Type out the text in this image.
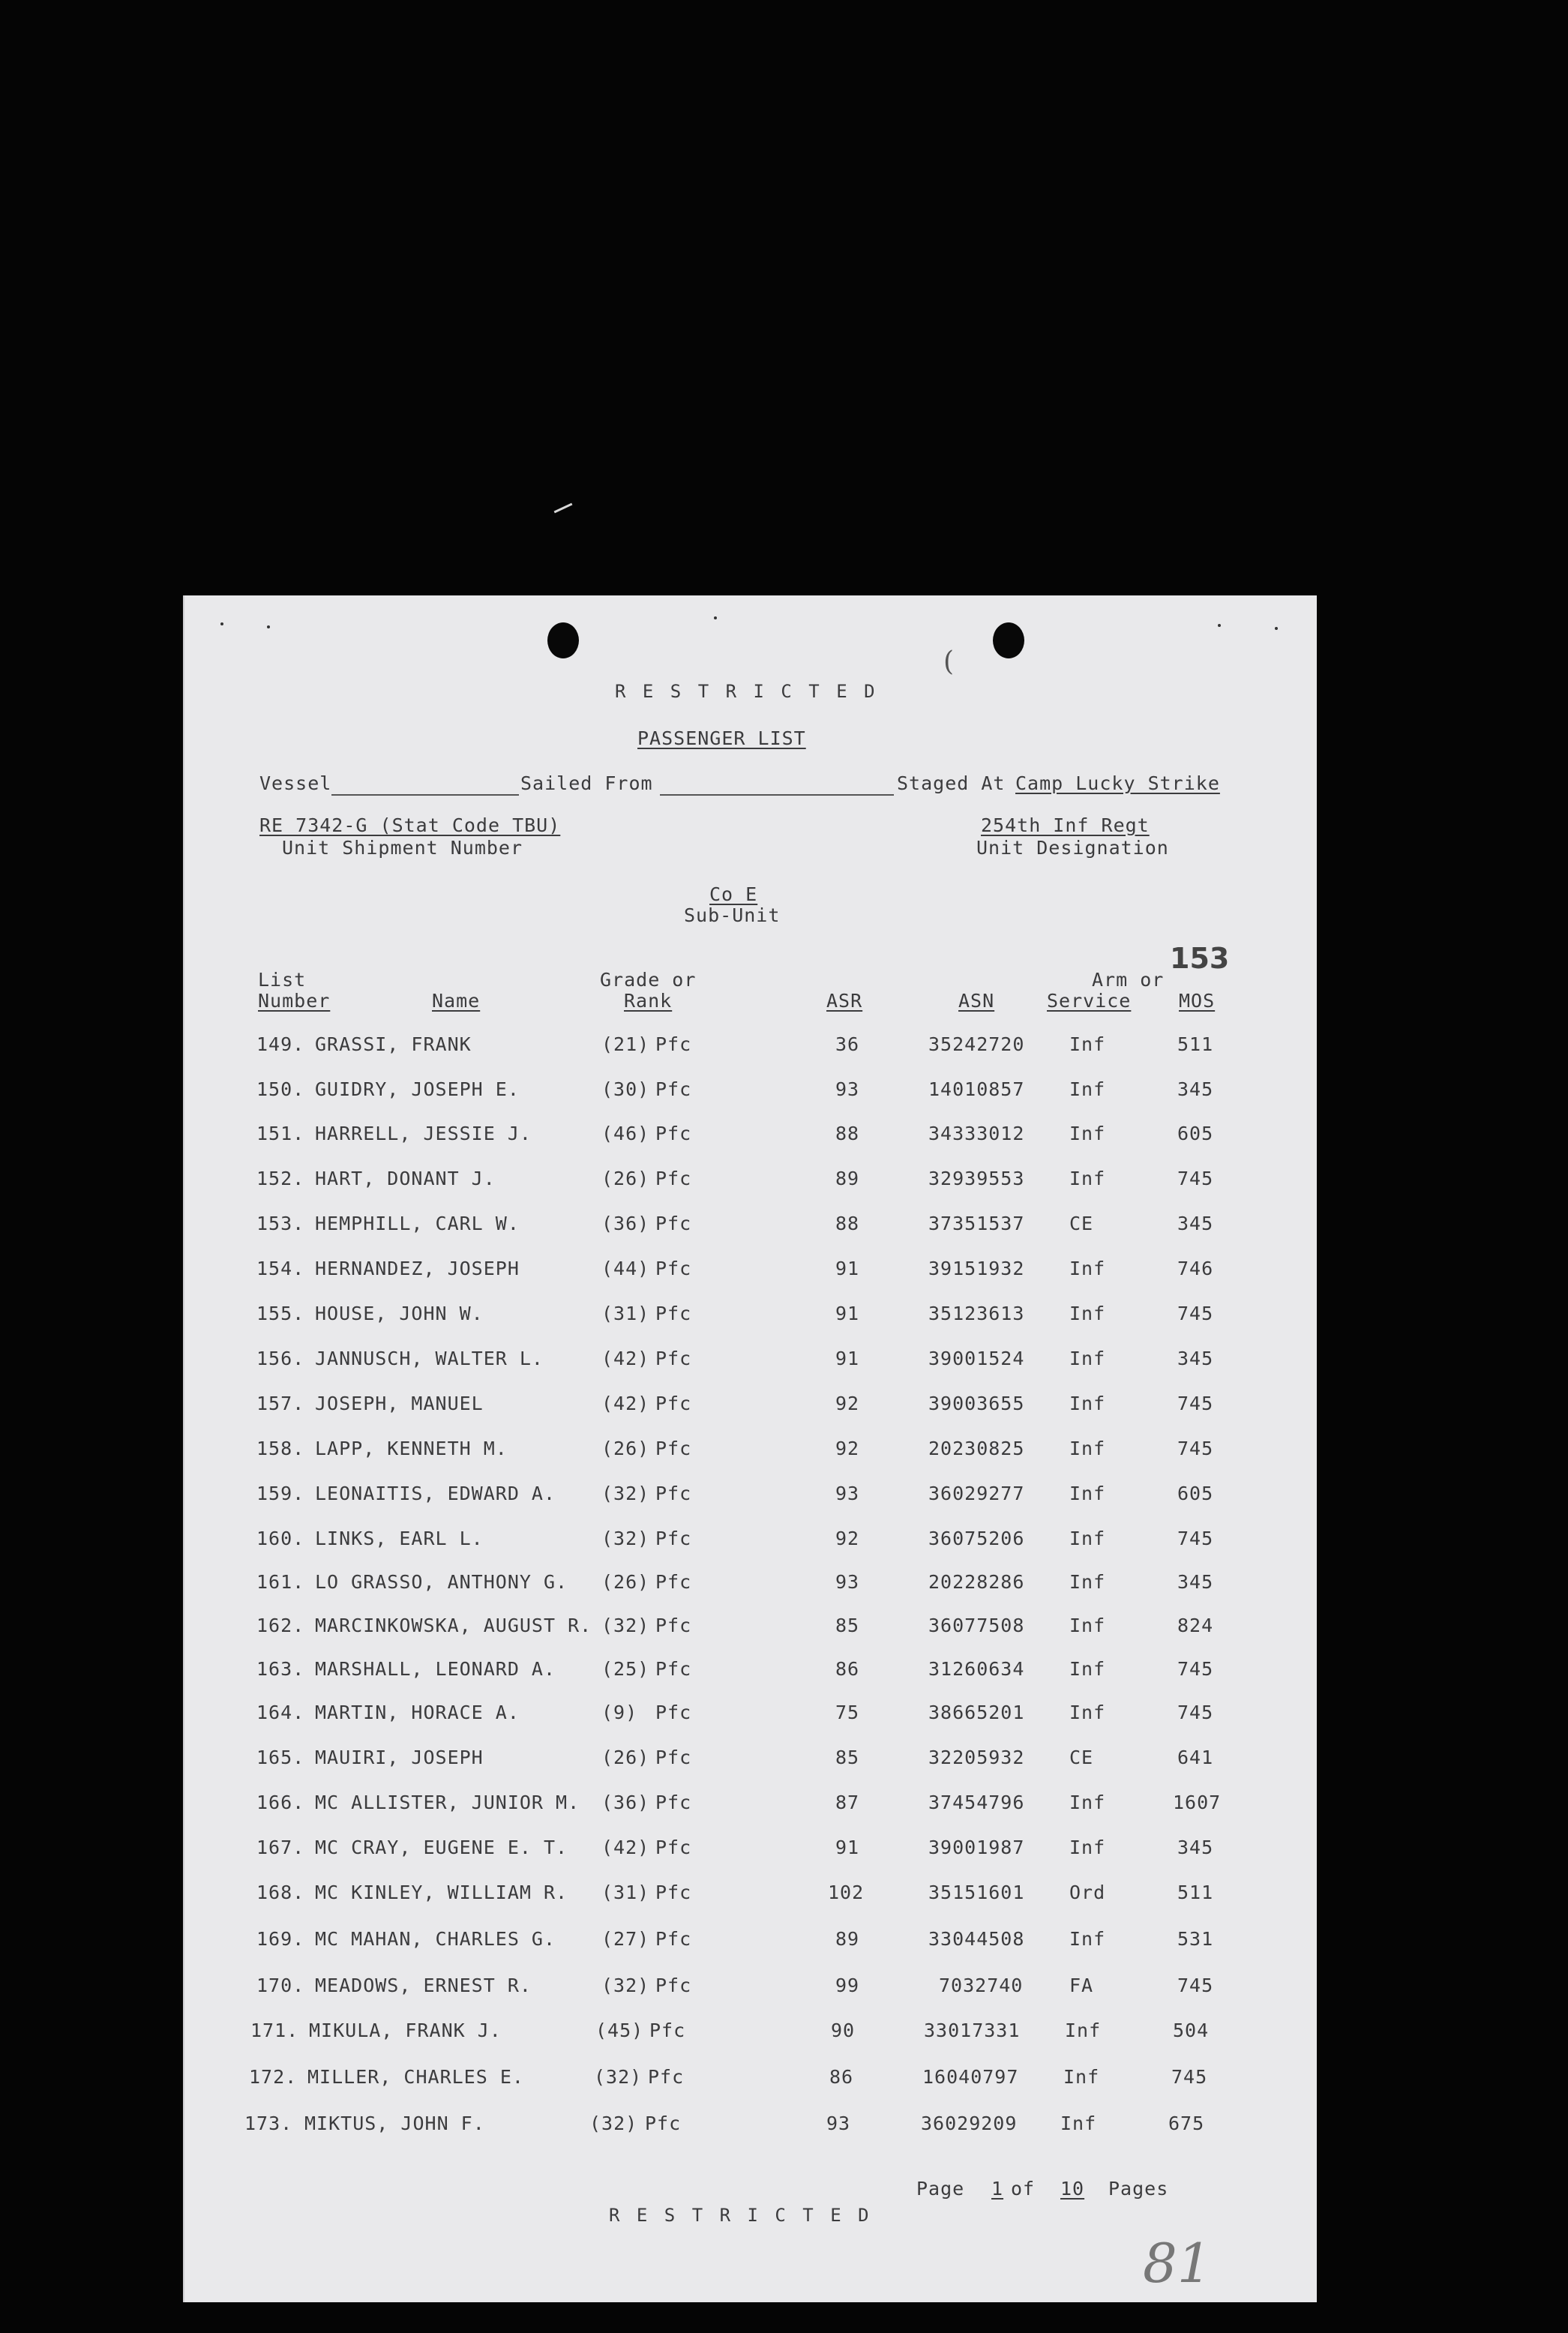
(
R E S T R I C T E D
PASSENGER LIST
Vessel	Sailed From	Staged At Camp Lucky Strike
RE 7342-G (Stat Code TBU)
Unit Shipment Number
254th Inf Regt
Unit Designation
Co E
Sub-Unit
153
List
Number	Name
Grade or
Rank	ASR	ASN
Arm or
Service	MOS
149. GRASSI, FRANK	(21) Pfc	36	35242720 Inf	511
150. GUIDRY, JOSEPH E.	(30) Pfc	93	14010857 Inf	345
151. HARRELL, JESSIE J.	(46) Pfc	88	34333012 Inf	605
152. HART, DONANT J.	(26) Pfc	89	32939553 Inf	745
153. HEMPHILL, CARL W.	(36) Pfc	88	37351537 CE	345
154. HERNANDEZ, JOSEPH	(44) Pfc	91	39151932 Inf	746
155. HOUSE, JOHN W.	(31) Pfc	91	35123613 Inf	745
156. JANNUSCH, WALTER L.	(42) Pfc	91	39001524 Inf	345
157. JOSEPH, MANUEL	(42) Pfc	92	39003655 Inf	745
158. LAPP, KENNETH M.	(26) Pfc	92	20230825 Inf	745
159. LEONAITIS, EDWARD A. (32) Pfc	93	36029277 Inf	605
160. LINKS, EARL L.	(32) Pfc	92	36075206 Inf	745
161. LO GRASSO, ANTHONY G. (26) Pfc	93	20228286 Inf	345
162. MARCINKOWSKA, AUGUST R. (32) Pfc	85	36077508 Inf	824
163. MARSHALL, LEONARD A. (25) Pfc	86	31260634 Inf	745
164. MARTIN, HORACE A.	(9) Pfc	75	38665201 Inf	745
165. MAUIRI, JOSEPH	(26) Pfc	85	32205932 CE	641
166. MC ALLISTER, JUNIOR M. (36) Pfc	87	37454796 Inf	1607
167. MC CRAY, EUGENE E. T. (42) Pfc	91	39001987 Inf	345
168. MC KINLEY, WILLIAM R. (31) Pfc	102	35151601 Ord	511
169. MC MAHAN, CHARLES G. (27) Pfc	89	33044508 Inf	531
170. MEADOWS, ERNEST R.	(32) Pfc	99	7032740 FA	745
171. MIKULA, FRANK J.	(45) Pfc	90	33017331 Inf	504
172. MILLER, CHARLES E.	(32) Pfc	86	16040797 Inf	745
173. MIKTUS, JOHN F.	(32) Pfc	93	36029209 Inf	675
Page 1 of 10 Pages
R E S T R I C T E D
81
